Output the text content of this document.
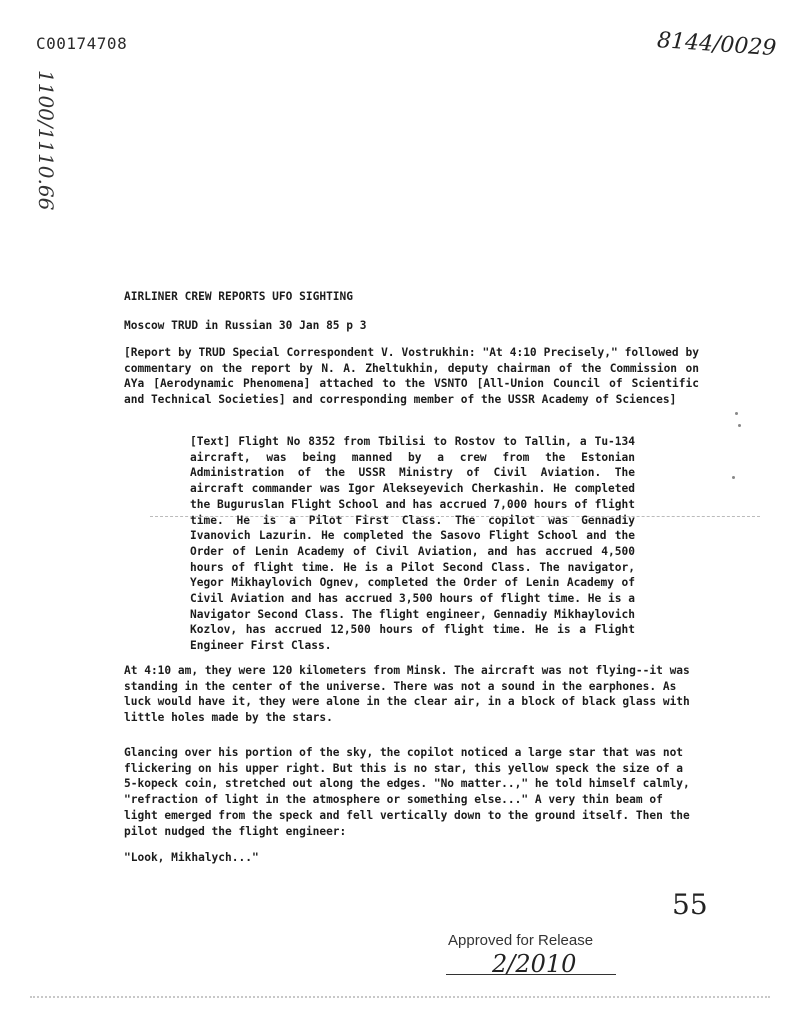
C00174708	8144/0029
1100/1110.66
AIRLINER CREW REPORTS UFO SIGHTING
Moscow TRUD in Russian 30 Jan 85 p 3

[Report by TRUD Special Correspondent V. Vostrukhin: "At 4:10 Precisely," followed by commentary on the report by N. A. Zheltukhin, deputy chairman of the Commission on AYa [Aerodynamic Phenomena] attached to the VSNTO [All-Union Council of Scientific and Technical Societies] and corresponding member of the USSR Academy of Sciences]

[Text] Flight No 8352 from Tbilisi to Rostov to Tallin, a Tu-134 aircraft, was being manned by a crew from the Estonian Administration of the USSR Ministry of Civil Aviation. The aircraft commander was Igor Alekseyevich Cherkashin. He completed the Buguruslan Flight School and has accrued 7,000 hours of flight time. He is a Pilot First Class. The copilot was Gennadiy Ivanovich Lazurin. He completed the Sasovo Flight School and the Order of Lenin Academy of Civil Aviation, and has accrued 4,500 hours of flight time. He is a Pilot Second Class. The navigator, Yegor Mikhaylovich Ognev, completed the Order of Lenin Academy of Civil Aviation and has accrued 3,500 hours of flight time. He is a Navigator Second Class. The flight engineer, Gennadiy Mikhaylovich Kozlov, has accrued 12,500 hours of flight time. He is a Flight Engineer First Class.

At 4:10 am, they were 120 kilometers from Minsk. The aircraft was not flying--it was standing in the center of the universe. There was not a sound in the earphones. As luck would have it, they were alone in the clear air, in a block of black glass with little holes made by the stars.

Glancing over his portion of the sky, the copilot noticed a large star that was not flickering on his upper right. But this is no star, this yellow speck the size of a 5-kopeck coin, stretched out along the edges. "No matter..," he told himself calmly, "refraction of light in the atmosphere or something else..." A very thin beam of light emerged from the speck and fell vertically down to the ground itself. Then the pilot nudged the flight engineer:

"Look, Mikhalych..."
55
Approved for Release
2/2010
